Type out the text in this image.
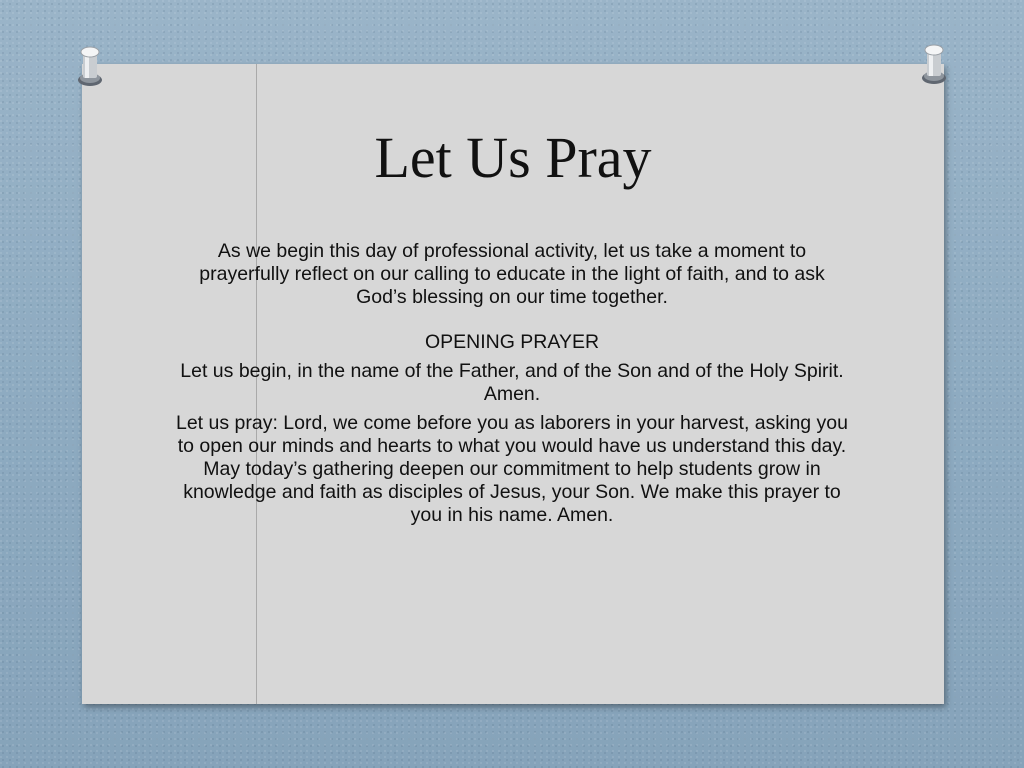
Let Us Pray

As we begin this day of professional activity, let us take a moment to prayerfully reflect on our calling to educate in the light of faith, and to ask God’s blessing on our time together.

OPENING PRAYER

Let us begin, in the name of the Father, and of the Son and of the Holy Spirit. Amen.

Let us pray: Lord, we come before you as laborers in your harvest, asking you to open our minds and hearts to what you would have us understand this day. May today’s gathering deepen our commitment to help students grow in knowledge and faith as disciples of Jesus, your Son. We make this prayer to you in his name. Amen.
